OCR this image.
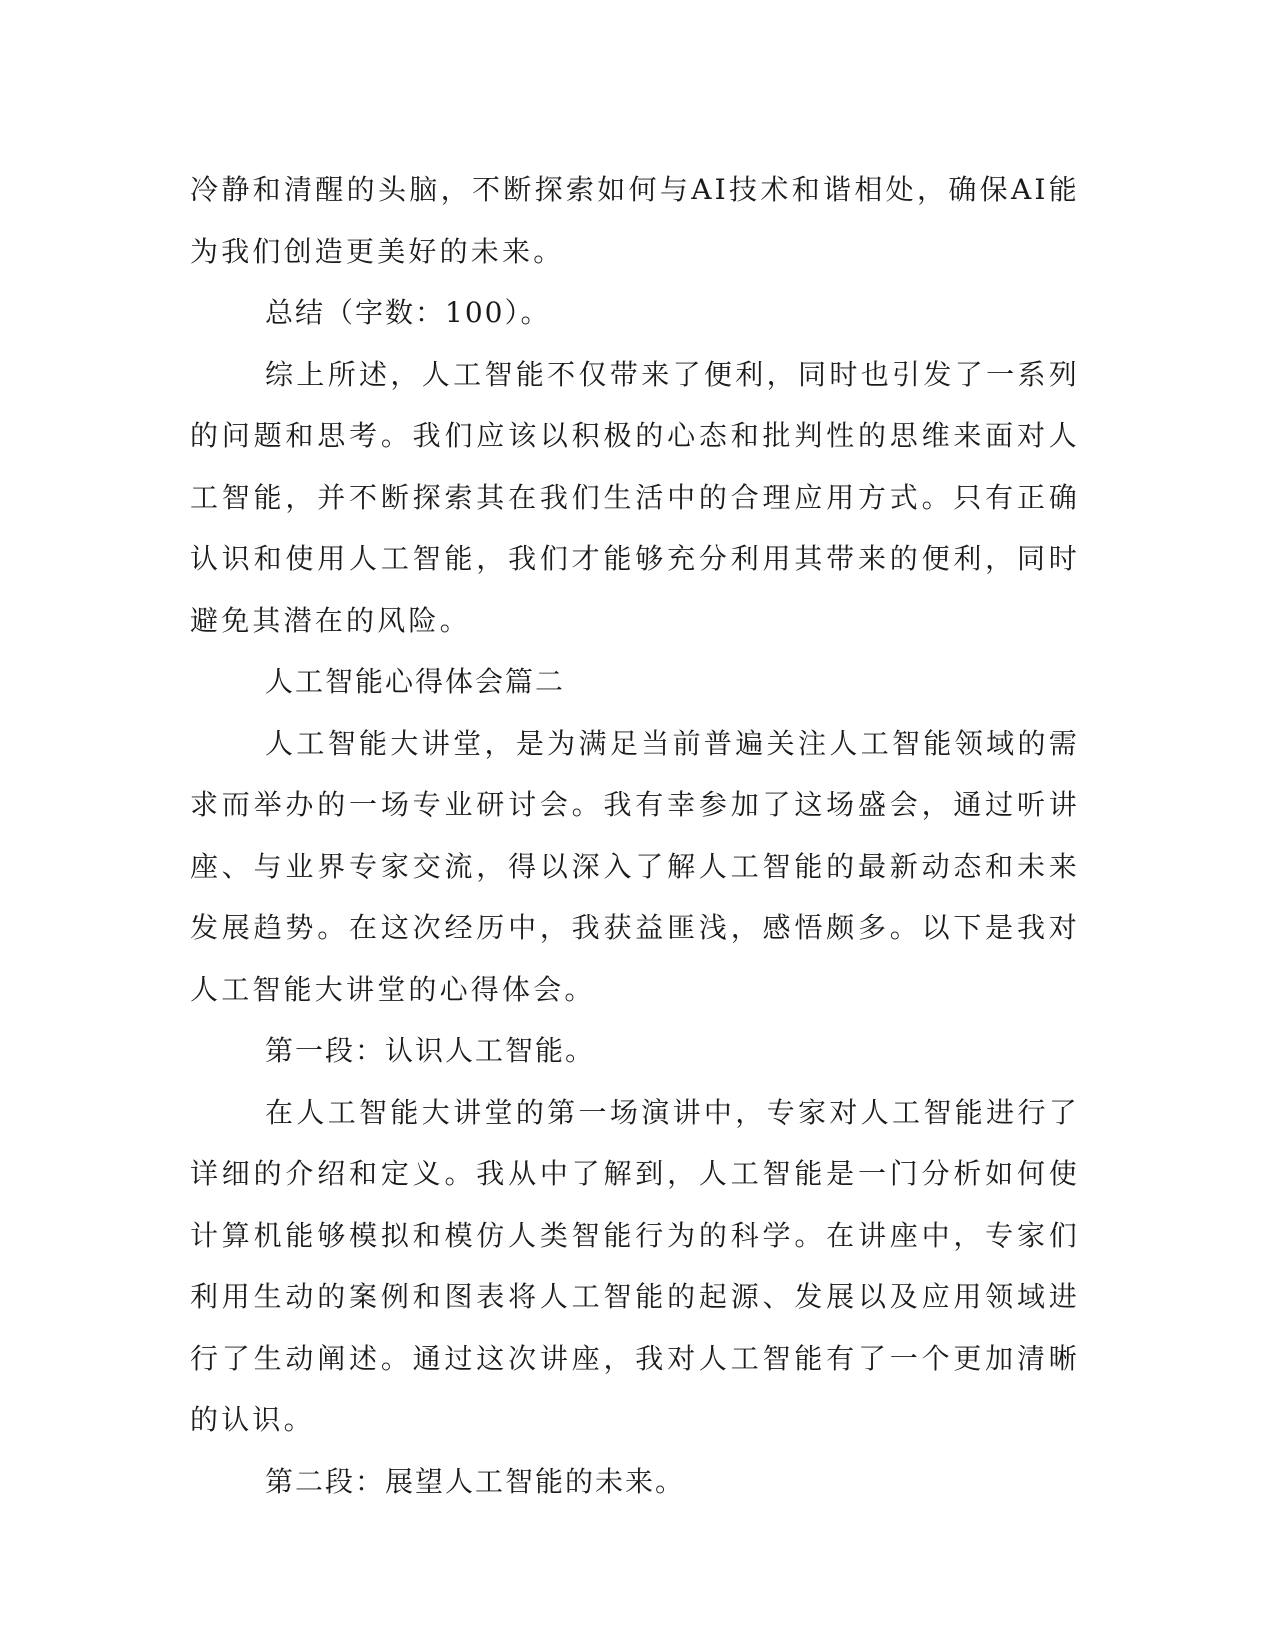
冷静和清醒的头脑，不断探索如何与AI技术和谐相处，确保AI能为我们创造更美好的未来。

总结（字数：100）。

综上所述，人工智能不仅带来了便利，同时也引发了一系列的问题和思考。我们应该以积极的心态和批判性的思维来面对人工智能，并不断探索其在我们生活中的合理应用方式。只有正确认识和使用人工智能，我们才能够充分利用其带来的便利，同时避免其潜在的风险。

人工智能心得体会篇二

人工智能大讲堂，是为满足当前普遍关注人工智能领域的需求而举办的一场专业研讨会。我有幸参加了这场盛会，通过听讲座、与业界专家交流，得以深入了解人工智能的最新动态和未来发展趋势。在这次经历中，我获益匪浅，感悟颇多。以下是我对人工智能大讲堂的心得体会。

第一段：认识人工智能。

在人工智能大讲堂的第一场演讲中，专家对人工智能进行了详细的介绍和定义。我从中了解到，人工智能是一门分析如何使计算机能够模拟和模仿人类智能行为的科学。在讲座中，专家们利用生动的案例和图表将人工智能的起源、发展以及应用领域进行了生动阐述。通过这次讲座，我对人工智能有了一个更加清晰的认识。

第二段：展望人工智能的未来。
